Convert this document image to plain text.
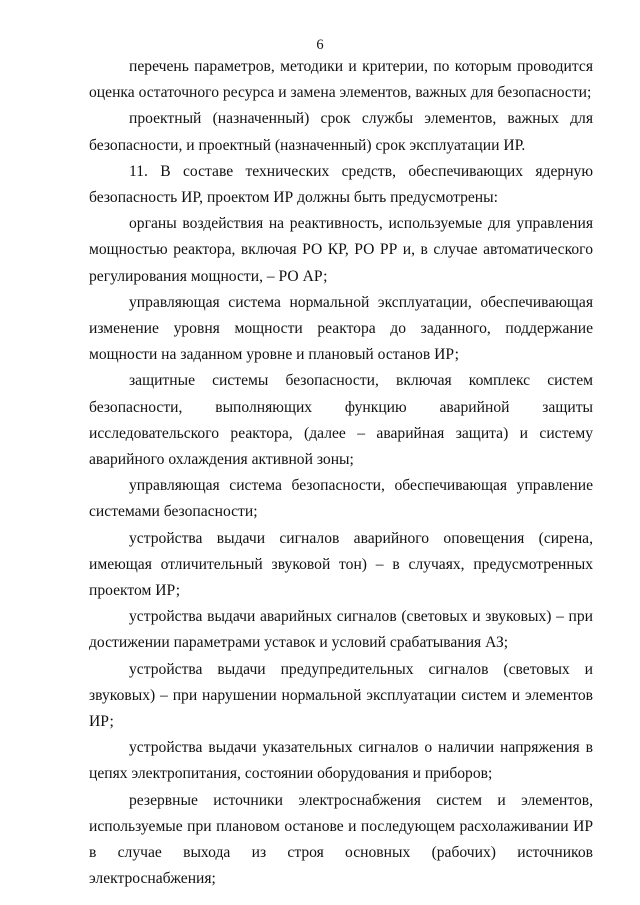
6

перечень параметров, методики и критерии, по которым проводится оценка остаточного ресурса и замена элементов, важных для безопасности;

проектный (назначенный) срок службы элементов, важных для безопасности, и проектный (назначенный) срок эксплуатации ИР.

11. В составе технических средств, обеспечивающих ядерную безопасность ИР, проектом ИР должны быть предусмотрены:

органы воздействия на реактивность, используемые для управления мощностью реактора, включая РО КР, РО РР и, в случае автоматического регулирования мощности, – РО АР;

управляющая система нормальной эксплуатации, обеспечивающая изменение уровня мощности реактора до заданного, поддержание мощности на заданном уровне и плановый останов ИР;

защитные системы безопасности, включая комплекс систем безопасности, выполняющих функцию аварийной защиты исследовательского реактора, (далее – аварийная защита) и систему аварийного охлаждения активной зоны;

управляющая система безопасности, обеспечивающая управление системами безопасности;

устройства выдачи сигналов аварийного оповещения (сирена, имеющая отличительный звуковой тон) – в случаях, предусмотренных проектом ИР;

устройства выдачи аварийных сигналов (световых и звуковых) – при достижении параметрами уставок и условий срабатывания АЗ;

устройства выдачи предупредительных сигналов (световых и звуковых) – при нарушении нормальной эксплуатации систем и элементов ИР;

устройства выдачи указательных сигналов о наличии напряжения в цепях электропитания, состоянии оборудования и приборов;

резервные источники электроснабжения систем и элементов, используемые при плановом останове и последующем расхолаживании ИР в случае выхода из строя основных (рабочих) источников электроснабжения;
